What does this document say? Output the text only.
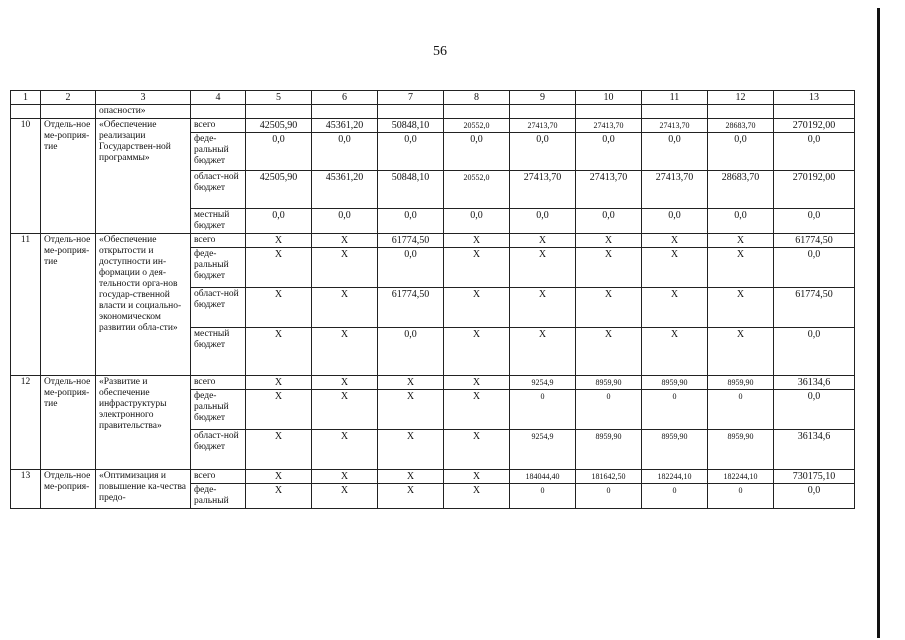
56
1	2	3	4	5	6	7	8	9	10	11	12	13
		опасности»										
10	Отдель-ное ме-роприя-тие	«Обеспечение реализации Государствен-ной программы»	всего	42505,90	45361,20	50848,10	20552,0	27413,70	27413,70	27413,70	28683,70	270192,00
			феде-ральный бюджет	0,0	0,0	0,0	0,0	0,0	0,0	0,0	0,0	0,0
			област-ной бюджет	42505,90	45361,20	50848,10	20552,0	27413,70	27413,70	27413,70	28683,70	270192,00
			местный бюджет	0,0	0,0	0,0	0,0	0,0	0,0	0,0	0,0	0,0
11	Отдель-ное ме-роприя-тие	«Обеспечение открытости и доступности ин-формации о дея-тельности орга-нов государ-ственной власти и социально-экономическом развитии обла-сти»	всего	X	X	61774,50	X	X	X	X	X	61774,50
			феде-ральный бюджет	X	X	0,0	X	X	X	X	X	0,0
			област-ной бюджет	X	X	61774,50	X	X	X	X	X	61774,50
			местный бюджет	X	X	0,0	X	X	X	X	X	0,0
12	Отдель-ное ме-роприя-тие	«Развитие и обеспечение инфраструктуры электронного правительства»	всего	X	X	X	X	9254,9	8959,90	8959,90	8959,90	36134,6
			феде-ральный бюджет	X	X	X	X	0	0	0	0	0,0
			област-ной бюджет	X	X	X	X	9254,9	8959,90	8959,90	8959,90	36134,6
13	Отдель-ное ме-роприя-	«Оптимизация и повышение ка-чества предо-	всего	X	X	X	X	184044,40	181642,50	182244,10	182244,10	730175,10
			феде-ральный	X	X	X	X	0	0	0	0	0,0
